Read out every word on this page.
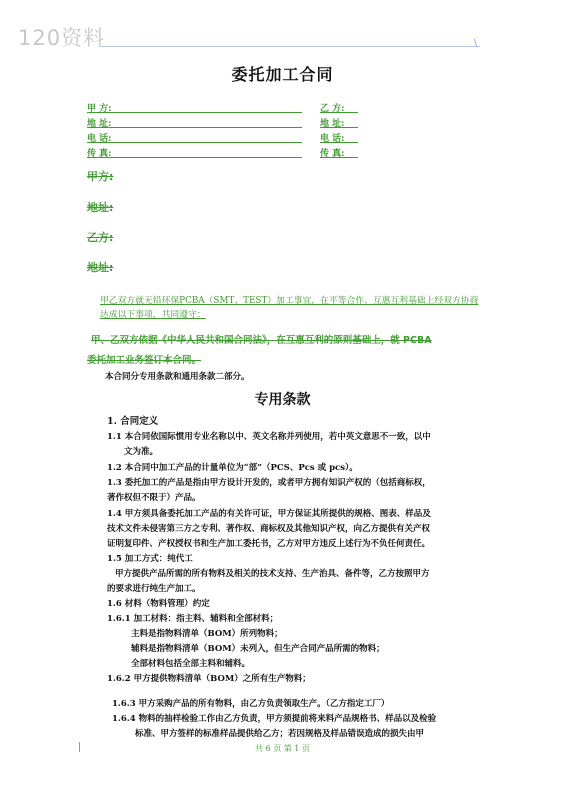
120资料	\
委托加工合同
甲 方:	乙 方:
地 址:	地 址:
电 话:	电 话:
传 真:	传 真:
甲方:
地址:
乙方:
地址:
甲乙双方就无铅环保PCBA（SMT、TEST）加工事宜，在平等合作、互惠互利基础上经双方协商达成以下事项，共同遵守：
甲、乙双方依据《中华人民共和国合同法》，在互惠互利的原则基础上，就 PCBA
委托加工业务签订本合同。
本合同分专用条款和通用条款二部分。
专用条款
1. 合同定义
1.1 本合同依国际惯用专业名称以中、英文名称并列使用，若中英文意思不一致，以中
文为准。
1.2 本合同中加工产品的计量单位为“部”（PCS、Pcs 或 pcs）。
1.3 委托加工的产品是指由甲方设计开发的，或者甲方拥有知识产权的（包括商标权，
著作权但不限于）产品。
1.4 甲方须具备委托加工产品的有关许可证，甲方保证其所提供的规格、图表、样品及
技术文件未侵害第三方之专利、著作权、商标权及其他知识产权，向乙方提供有关产权
证明复印件、产权授权书和生产加工委托书，乙方对甲方违反上述行为不负任何责任。
1.5 加工方式：纯代工
甲方提供产品所需的所有物料及相关的技术支持、生产治具、备件等，乙方按照甲方
的要求进行纯生产加工。
1.6 材料（物料管理）约定
1.6.1 加工材料：指主料、辅料和全部材料；
主料是指物料清单（BOM）所列物料；
辅料是指物料清单（BOM）未列入，但生产合同产品所需的物料；
全部材料包括全部主料和辅料。
1.6.2 甲方提供物料清单（BOM）之所有生产物料；
1.6.3 甲方采购产品的所有物料，由乙方负责领取生产。（乙方指定工厂）
1.6.4 物料的抽样检验工作由乙方负责，甲方须提前将来料产品规格书、样品以及检验
标准、甲方签样的标准样品提供给乙方；若因规格及样品错误造成的损失由甲
共 6 页 第 1 页
